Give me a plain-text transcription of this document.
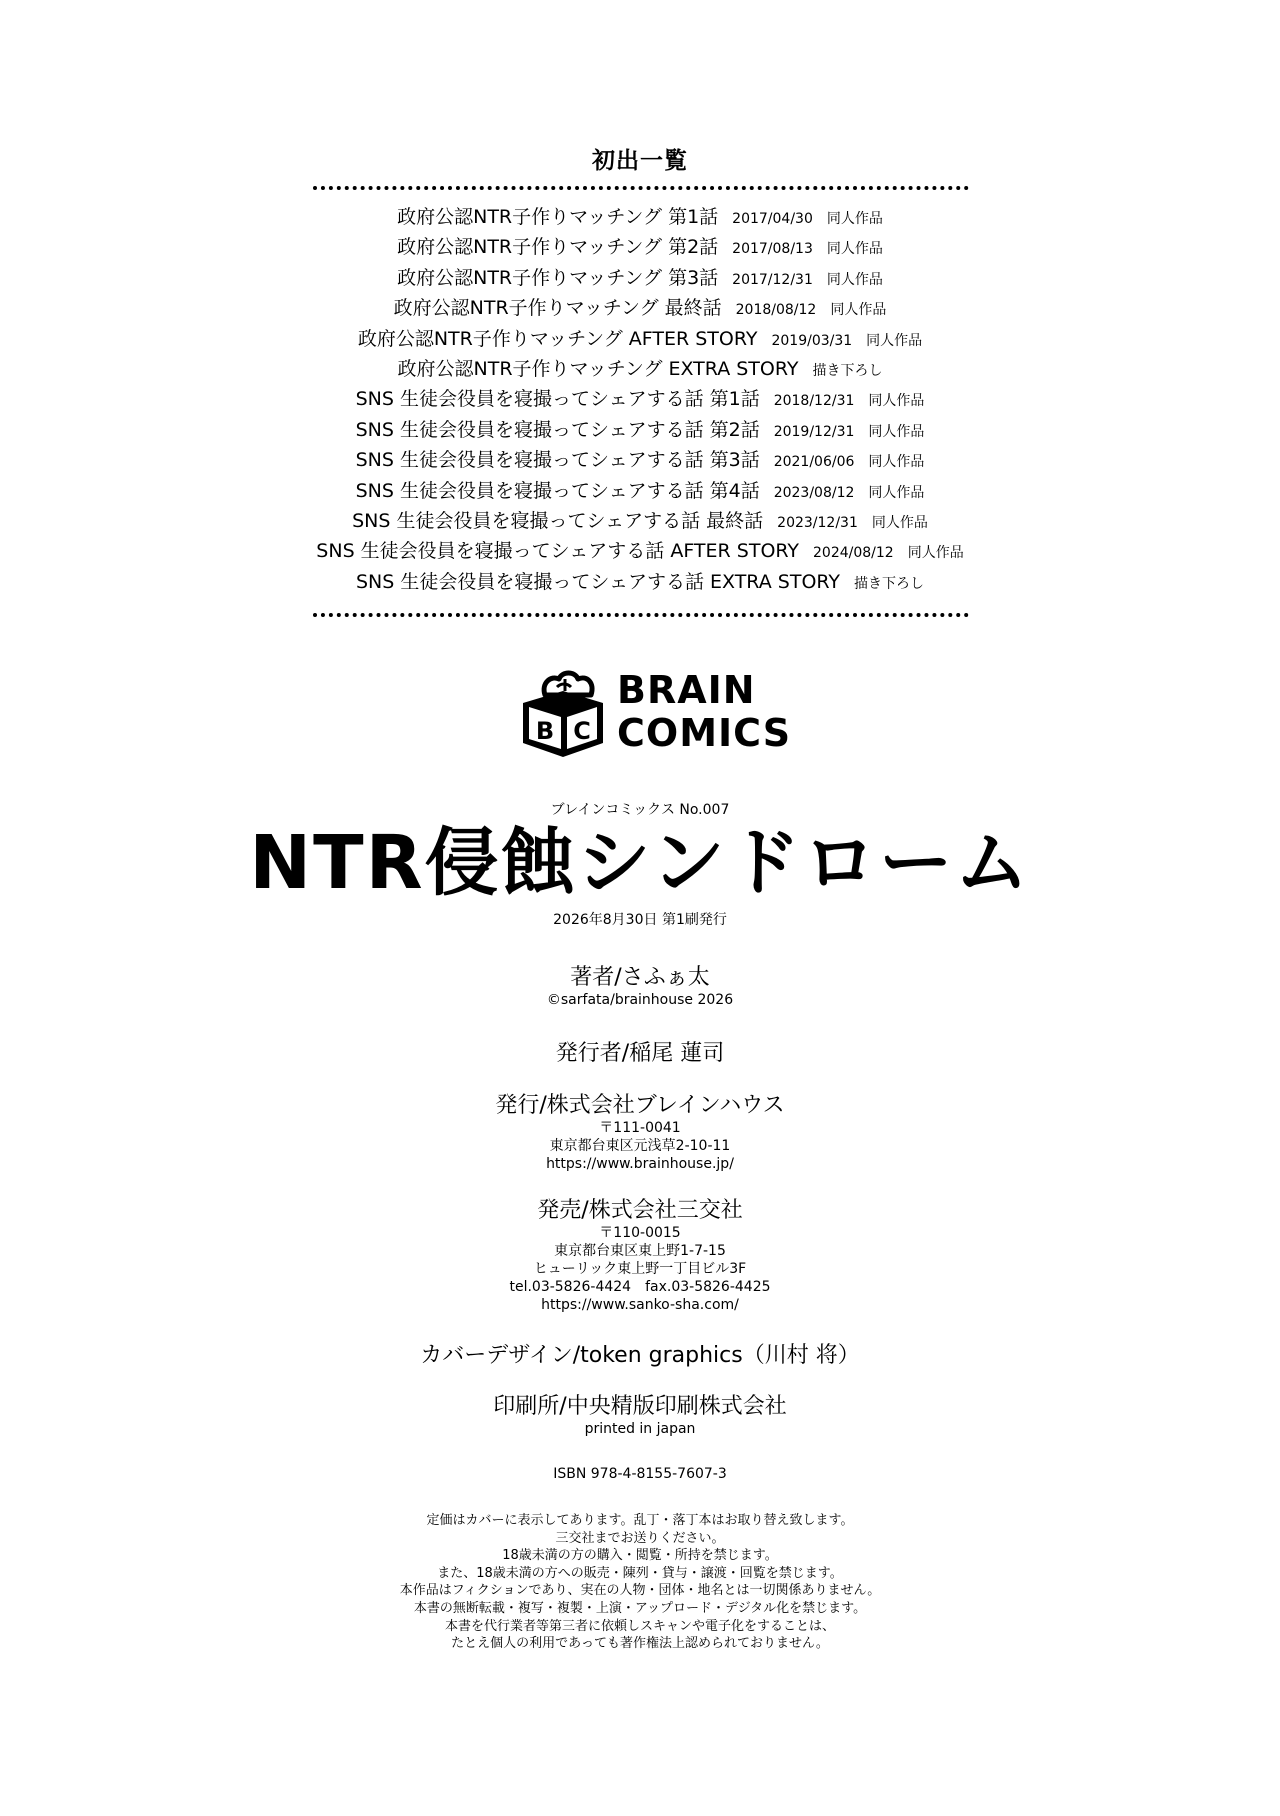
初出一覧
政府公認NTR子作りマッチング 第1話 2017/04/30 同人作品
政府公認NTR子作りマッチング 第2話 2017/08/13 同人作品
政府公認NTR子作りマッチング 第3話 2017/12/31 同人作品
政府公認NTR子作りマッチング 最終話 2018/08/12 同人作品
政府公認NTR子作りマッチング AFTER STORY 2019/03/31 同人作品
政府公認NTR子作りマッチング EXTRA STORY 描き下ろし
SNS 生徒会役員を寝撮ってシェアする話 第1話 2018/12/31 同人作品
SNS 生徒会役員を寝撮ってシェアする話 第2話 2019/12/31 同人作品
SNS 生徒会役員を寝撮ってシェアする話 第3話 2021/06/06 同人作品
SNS 生徒会役員を寝撮ってシェアする話 第4話 2023/08/12 同人作品
SNS 生徒会役員を寝撮ってシェアする話 最終話 2023/12/31 同人作品
SNS 生徒会役員を寝撮ってシェアする話 AFTER STORY 2024/08/12 同人作品
SNS 生徒会役員を寝撮ってシェアする話 EXTRA STORY 描き下ろし
B C
BRAIN
COMICS
ブレインコミックス No.007
NTR侵蝕シンドローム
2026年8月30日 第1刷発行
著者/さふぁ太
©sarfata/brainhouse 2026
発行者/稲尾 蓮司
発行/株式会社ブレインハウス
〒111-0041
東京都台東区元浅草2-10-11
https://www.brainhouse.jp/
発売/株式会社三交社
〒110-0015
東京都台東区東上野1-7-15
ヒューリック東上野一丁目ビル3F
tel.03-5826-4424　fax.03-5826-4425
https://www.sanko-sha.com/
カバーデザイン/token graphics（川村 将）
印刷所/中央精版印刷株式会社
printed in japan
ISBN 978-4-8155-7607-3
定価はカバーに表示してあります。乱丁・落丁本はお取り替え致します。
三交社までお送りください。
18歳未満の方の購入・閲覧・所持を禁じます。
また、18歳未満の方への販売・陳列・貸与・譲渡・回覧を禁じます。
本作品はフィクションであり、実在の人物・団体・地名とは一切関係ありません。
本書の無断転載・複写・複製・上演・アップロード・デジタル化を禁じます。
本書を代行業者等第三者に依頼しスキャンや電子化をすることは、
たとえ個人の利用であっても著作権法上認められておりません。
